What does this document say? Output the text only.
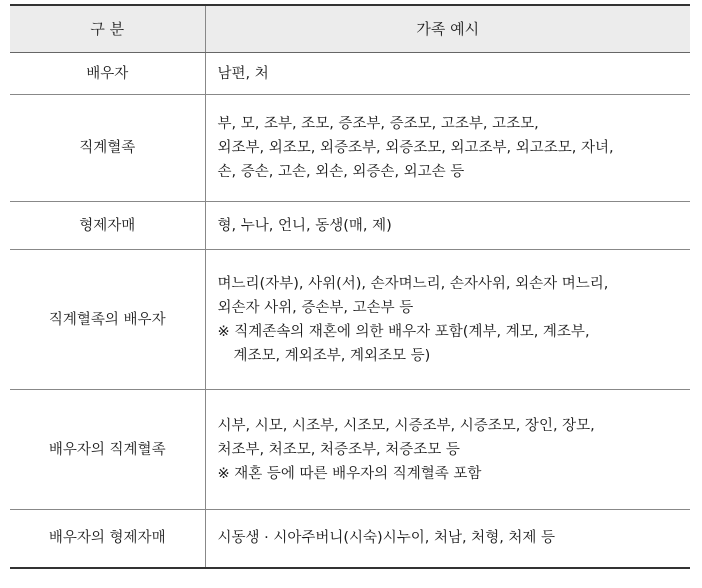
구 분	가족 예시
배우자	남편, 처

직계혈족	부, 모, 조부, 조모, 증조부, 증조모, 고조부, 고조모,
외조부, 외조모, 외증조부, 외증조모, 외고조부, 외고조모, 자녀,
손, 증손, 고손, 외손, 외증손, 외고손 등

형제자매	형, 누나, 언니, 동생(매, 제)

직계혈족의 배우자	며느리(자부), 사위(서), 손자며느리, 손자사위, 외손자 며느리,
외손자 사위, 증손부, 고손부 등
※ 직계존속의 재혼에 의한 배우자 포함(계부, 계모, 계조부,
계조모, 계외조부, 계외조모 등)

배우자의 직계혈족	시부, 시모, 시조부, 시조모, 시증조부, 시증조모, 장인, 장모,
처조부, 처조모, 처증조부, 처증조모 등
※ 재혼 등에 따른 배우자의 직계혈족 포함

배우자의 형제자매	시동생 · 시아주버니(시숙)시누이, 처남, 처형, 처제 등
